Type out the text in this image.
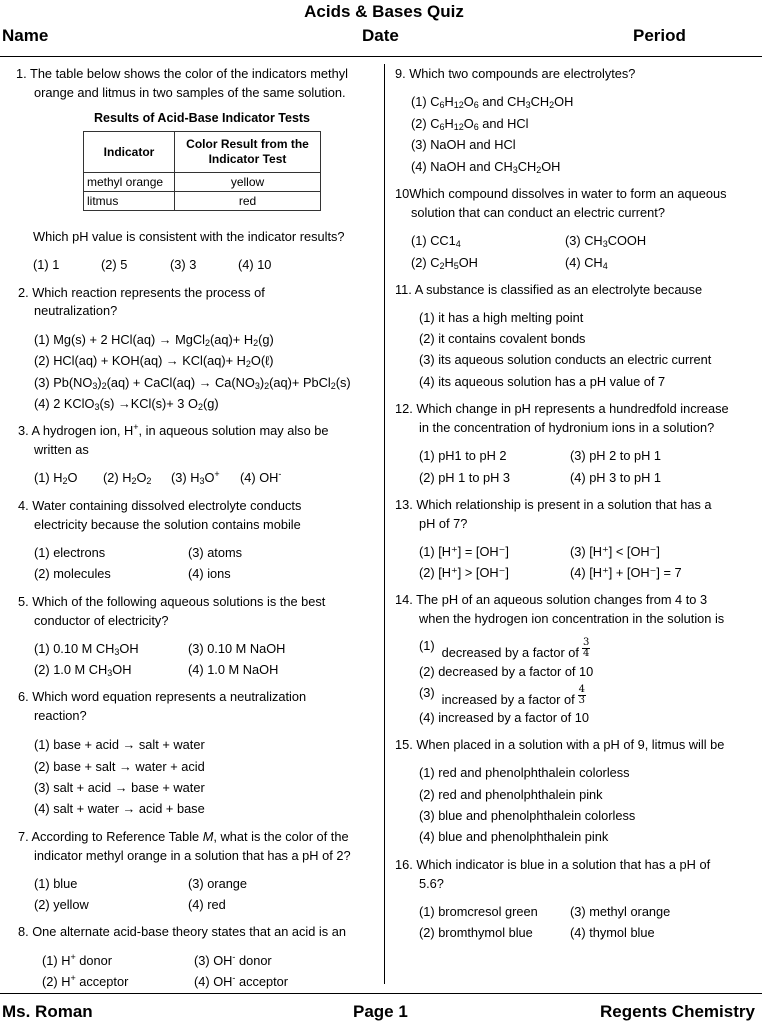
Acids & Bases Quiz
Name	Date	Period
1. The table below shows the color of the indicators methyl
orange and litmus in two samples of the same solution.
Results of Acid-Base Indicator Tests
Indicator	Color Result from the
Indicator Test
methyl orange	yellow
litmus	red
Which pH value is consistent with the indicator results?
(1) 1	(2) 5	(3) 3	(4) 10
2. Which reaction represents the process of
neutralization?
(1) Mg(s) + 2 HCl(aq) → MgCl2(aq)+ H2(g)
(2) HCl(aq) + KOH(aq) → KCl(aq)+ H2O(ℓ)
(3) Pb(NO3)2(aq) + CaCl(aq) → Ca(NO3)2(aq)+ PbCl2(s)
(4) 2 KClO3(s) →KCl(s)+ 3 O2(g)
3. A hydrogen ion, H+, in aqueous solution may also be
written as
(1) H2O (2) H2O2 (3) H3O+ (4) OH-
4. Water containing dissolved electrolyte conducts
electricity because the solution contains mobile
(1) electrons
(2) molecules
(3) atoms
(4) ions
5. Which of the following aqueous solutions is the best
conductor of electricity?
(1) 0.10 M CH3OH
(2) 1.0 M CH3OH
(3) 0.10 M NaOH
(4) 1.0 M NaOH
6. Which word equation represents a neutralization
reaction?
(1) base + acid → salt + water
(2) base + salt → water + acid
(3) salt + acid → base + water
(4) salt + water → acid + base
7. According to Reference Table M, what is the color of the
indicator methyl orange in a solution that has a pH of 2?
(1) blue
(2) yellow
(3) orange
(4) red
8. One alternate acid-base theory states that an acid is an
(1) H+ donor
(2) H+ acceptor
(3) OH- donor
(4) OH- acceptor
9. Which two compounds are electrolytes?
(1) C6H12O6 and CH3CH2OH
(2) C6H12O6 and HCl
(3) NaOH and HCl
(4) NaOH and CH3CH2OH
10Which compound dissolves in water to form an aqueous
solution that can conduct an electric current?
(1) CC14
(2) C2H5OH
(3) CH3COOH
(4) CH4
11. A substance is classified as an electrolyte because
(1) it has a high melting point
(2) it contains covalent bonds
(3) its aqueous solution conducts an electric current
(4) its aqueous solution has a pH value of 7
12. Which change in pH represents a hundredfold increase
in the concentration of hydronium ions in a solution?
(1) pH1 to pH 2
(2) pH 1 to pH 3
(3) pH 2 to pH 1
(4) pH 3 to pH 1
13. Which relationship is present in a solution that has a
pH of 7?
(1) [H⁺] = [OH⁻]
(2) [H⁺] > [OH⁻]
(3) [H⁺] < [OH⁻]
(4) [H⁺] + [OH⁻] = 7
14. The pH of an aqueous solution changes from 4 to 3
when the hydrogen ion concentration in the solution is
(1) decreased by a factor of $\frac{3}{4}$
(2) decreased by a factor of 10
(3) increased by a factor of $\frac{4}{3}$
(4) increased by a factor of 10
15. When placed in a solution with a pH of 9, litmus will be
(1) red and phenolphthalein colorless
(2) red and phenolphthalein pink
(3) blue and phenolphthalein colorless
(4) blue and phenolphthalein pink
16. Which indicator is blue in a solution that has a pH of
5.6?
(1) bromcresol green
(2) bromthymol blue
(3) methyl orange
(4) thymol blue
Ms. Roman	Page 1	Regents Chemistry
